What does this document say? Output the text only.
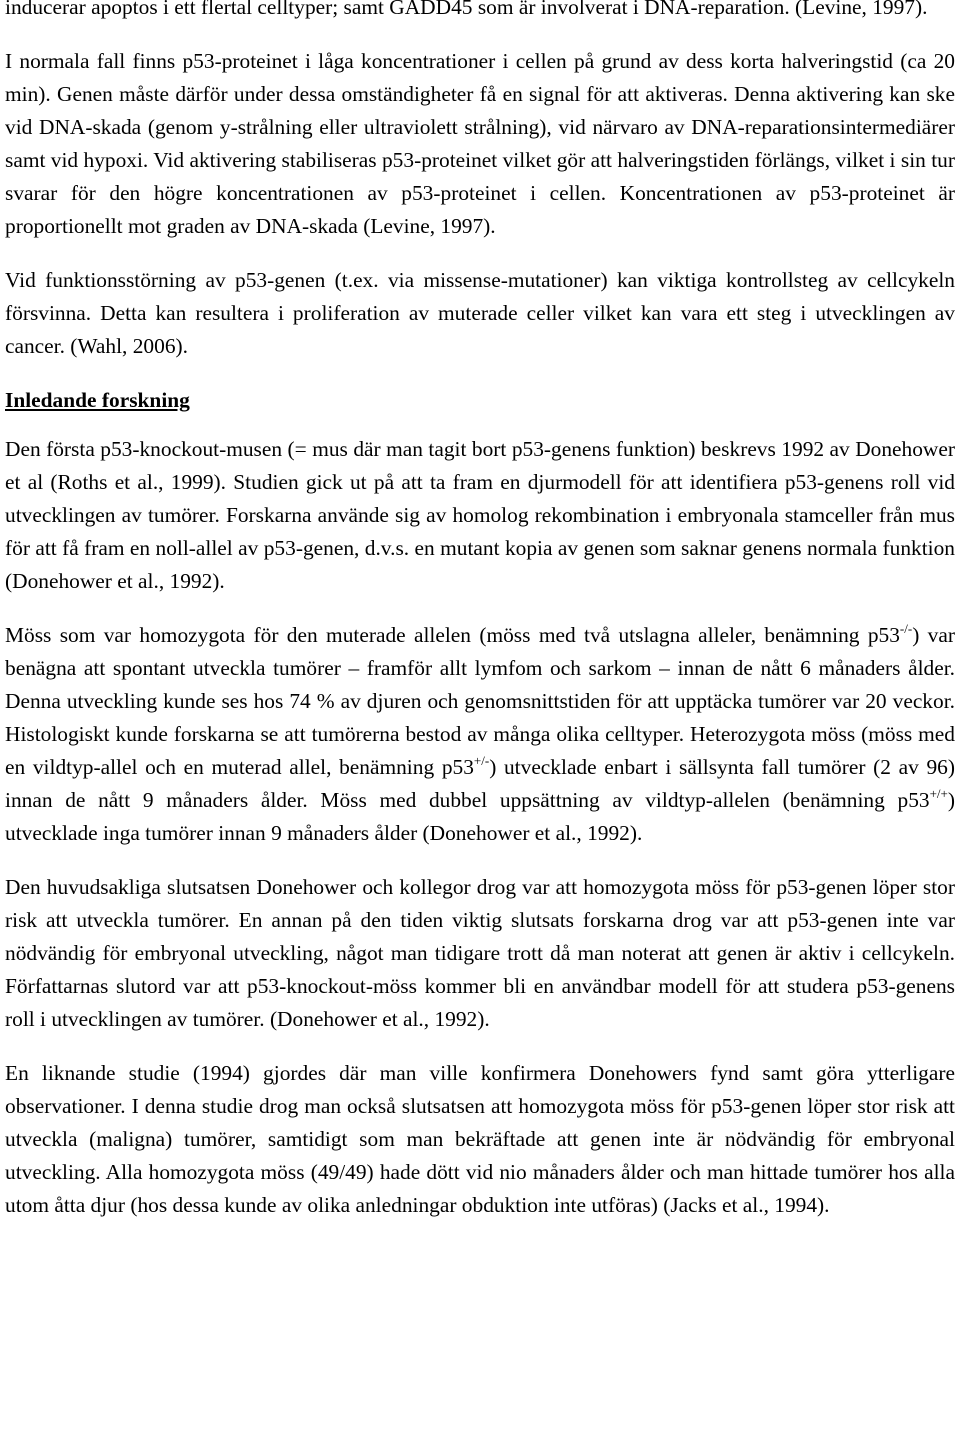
inducerar apoptos i ett flertal celltyper; samt GADD45 som är involverat i DNA-reparation. (Levine, 1997).

I normala fall finns p53-proteinet i låga koncentrationer i cellen på grund av dess korta halveringstid (ca 20 min). Genen måste därför under dessa omständigheter få en signal för att aktiveras. Denna aktivering kan ske vid DNA-skada (genom y-strålning eller ultraviolett strålning), vid närvaro av DNA-reparationsintermediärer samt vid hypoxi. Vid aktivering stabiliseras p53-proteinet vilket gör att halveringstiden förlängs, vilket i sin tur svarar för den högre koncentrationen av p53-proteinet i cellen. Koncentrationen av p53-proteinet är proportionellt mot graden av DNA-skada (Levine, 1997).

Vid funktionsstörning av p53-genen (t.ex. via missense-mutationer) kan viktiga kontrollsteg av cellcykeln försvinna. Detta kan resultera i proliferation av muterade celler vilket kan vara ett steg i utvecklingen av cancer. (Wahl, 2006).

Inledande forskning

Den första p53-knockout-musen (= mus där man tagit bort p53-genens funktion) beskrevs 1992 av Donehower et al (Roths et al., 1999). Studien gick ut på att ta fram en djurmodell för att identifiera p53-genens roll vid utvecklingen av tumörer. Forskarna använde sig av homolog rekombination i embryonala stamceller från mus för att få fram en noll-allel av p53-genen, d.v.s. en mutant kopia av genen som saknar genens normala funktion (Donehower et al., 1992).

Möss som var homozygota för den muterade allelen (möss med två utslagna alleler, benämning p53-/-) var benägna att spontant utveckla tumörer – framför allt lymfom och sarkom – innan de nått 6 månaders ålder. Denna utveckling kunde ses hos 74 % av djuren och genomsnittstiden för att upptäcka tumörer var 20 veckor. Histologiskt kunde forskarna se att tumörerna bestod av många olika celltyper. Heterozygota möss (möss med en vildtyp-allel och en muterad allel, benämning p53+/-) utvecklade enbart i sällsynta fall tumörer (2 av 96) innan de nått 9 månaders ålder. Möss med dubbel uppsättning av vildtyp-allelen (benämning p53+/+) utvecklade inga tumörer innan 9 månaders ålder (Donehower et al., 1992).

Den huvudsakliga slutsatsen Donehower och kollegor drog var att homozygota möss för p53-genen löper stor risk att utveckla tumörer. En annan på den tiden viktig slutsats forskarna drog var att p53-genen inte var nödvändig för embryonal utveckling, något man tidigare trott då man noterat att genen är aktiv i cellcykeln. Författarnas slutord var att p53-knockout-möss kommer bli en användbar modell för att studera p53-genens roll i utvecklingen av tumörer. (Donehower et al., 1992).

En liknande studie (1994) gjordes där man ville konfirmera Donehowers fynd samt göra ytterligare observationer. I denna studie drog man också slutsatsen att homozygota möss för p53-genen löper stor risk att utveckla (maligna) tumörer, samtidigt som man bekräftade att genen inte är nödvändig för embryonal utveckling. Alla homozygota möss (49/49) hade dött vid nio månaders ålder och man hittade tumörer hos alla utom åtta djur (hos dessa kunde av olika anledningar obduktion inte utföras) (Jacks et al., 1994).
